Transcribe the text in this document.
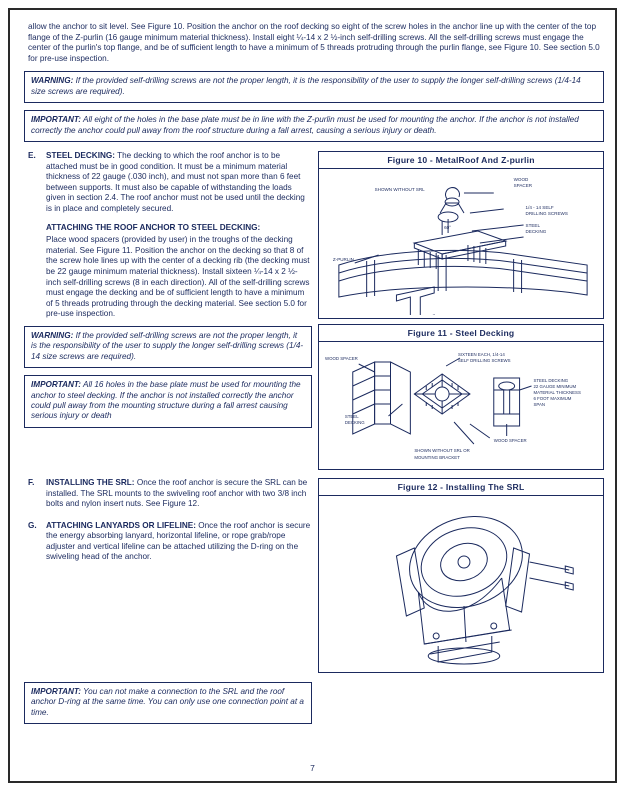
allow the anchor to sit level. See Figure 10. Position the anchor on the roof decking so eight of the screw holes in the anchor line up with the center of the top flange of the Z-purlin (16 gauge minimum material thickness). Install eight ¼-14 x 2 ½-inch self-drilling screws. All the self-drilling screws must engage the center of the purlin's top flange, and be of sufficient length to have a minimum of 5 threads protruding through the purlin flange, see Figure 10. See section 5.0 for pre-use inspection.
WARNING: If the provided self-drilling screws are not the proper length, it is the responsibility of the user to supply the longer self-drilling screws (1/4-14 size screws are required).
IMPORTANT: All eight of the holes in the base plate must be in line with the Z-purlin must be used for mounting the anchor. If the anchor is not installed correctly the anchor could pull away from the roof structure during a fall arrest, causing a serious injury or death.
E. STEEL DECKING: The decking to which the roof anchor is to be attached must be in good condition. It must be a minimum material thickness of 22 gauge (.030 inch), and must not span more than 6 feet between supports. It must also be capable of withstanding the loads given in section 2.4. The roof anchor must not be used until the decking is in place and completely secured.
ATTACHING THE ROOF ANCHOR TO STEEL DECKING:
Place wood spacers (provided by user) in the troughs of the decking material. See Figure 11. Position the anchor on the decking so that 8 of the screw hole lines up with the center of a decking rib (the decking must be 22 gauge minimum material thickness). Install sixteen ¼-14 x 2 ½-inch self-drilling screws (8 in each direction). All of the self-drilling screws must engage the decking and be of sufficient length to have a minimum of 5 threads protruding through the decking material. See section 5.0 for pre-use inspection.
Figure 10 - MetalRoof And Z-purlin
SHOWN WITHOUT SRL
WOOD
SPACER
1/4 - 14 SELF
DRILLING SCREWS
STEEL
DECKING
Z-PURLIN
60°
WARNING: If the provided self-drilling screws are not the proper length, it is the responsibility of the user to supply the longer self-drilling screws (1/4-14 size screws are required).
IMPORTANT: All 16 holes in the base plate must be used for mounting the anchor to steel decking. If the anchor is not installed correctly the anchor could pull away from the mounting structure during a fall arrest causing serious injury or death
Figure 11 - Steel Decking
WOOD SPACER
STEEL
DECKING
SIXTEEN EACH, 1/4-14
SELF DRILLING SCREWS
STEEL DECKING
22 GAUGE MINIMUM
MATERIAL THICKNESS
6 FOOT MAXIMUM
SPAN
WOOD SPACER
SHOWN WITHOUT SRL OR
MOUNTING BRACKET
F. INSTALLING THE SRL: Once the roof anchor is secure the SRL can be installed. The SRL mounts to the swiveling roof anchor with two 3/8 inch bolts and nylon insert nuts. See Figure 12.
G. ATTACHING LANYARDS OR LIFELINE: Once the roof anchor is secure the energy absorbing lanyard, horizontal lifeline, or rope grab/rope adjuster and vertical lifeline can be attached utilizing the D-ring on the swiveling head of the anchor.
Figure 12 - Installing The SRL
IMPORTANT: You can not make a connection to the SRL and the roof anchor D-ring at the same time. You can only use one connection point at a time.
7
